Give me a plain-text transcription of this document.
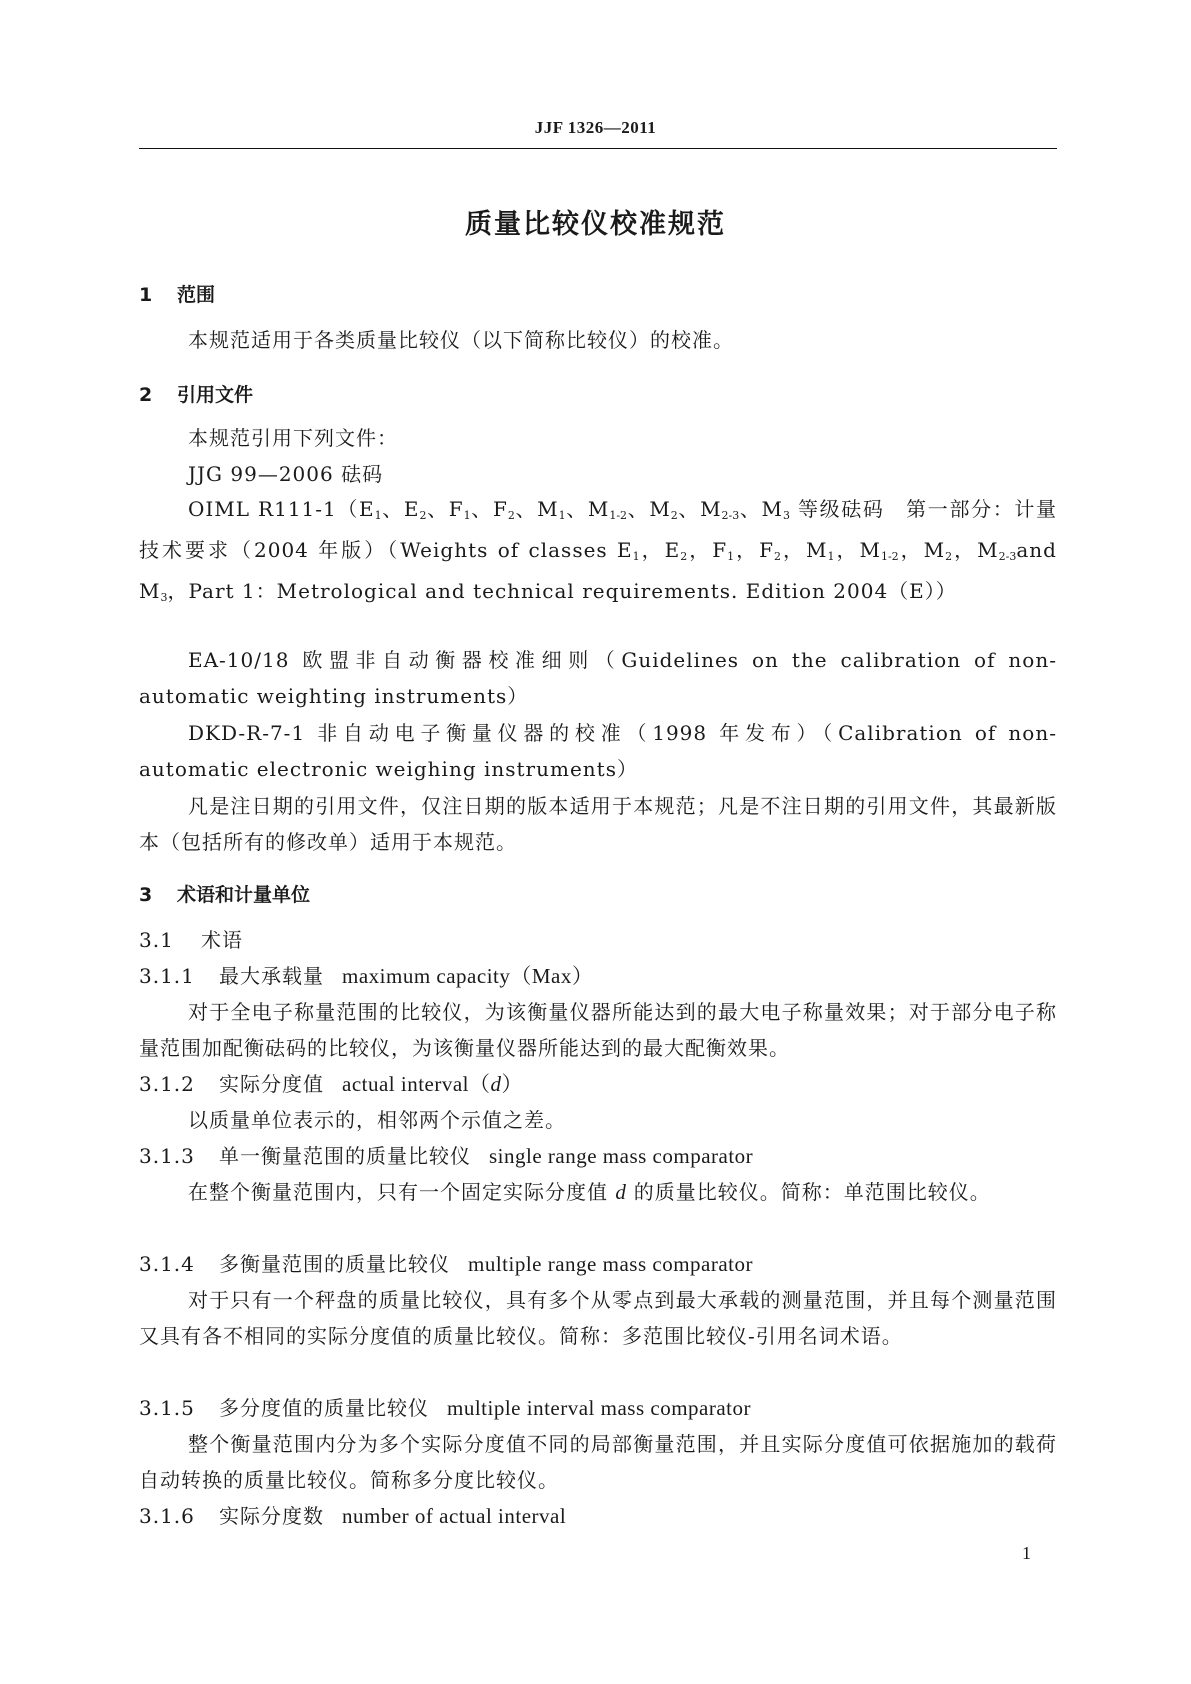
JJF 1326—2011
质量比较仪校准规范
1 范围
本规范适用于各类质量比较仪（以下简称比较仪）的校准。
2 引用文件
本规范引用下列文件：
JJG 99—2006 砝码
OIML $R111-1(E_1$、$E_2$、$F_1$、$F_2$、$M_1$、$M_{1-2}$、$M_2$、$M_{2-3}$、$M_3$ 等级砝码　第一部分：计量技术要求（2004 年版）（Weights of classes $E_1$，$E_2$，$F_1$，$F_2$，$M_1$，$M_{1-2}$，$M_2$，$M_{2-3}and$ $M_3$，Part 1：Metrological and technical requirements. Edition 2004（E））
EA-10/18 欧盟非自动衡器校准细则（Guidelines on the calibration of non-automatic weighting instruments）
DKD-R-7-1 非自动电子衡量仪器的校准（1998 年发布）（Calibration of non-automatic electronic weighing instruments）
凡是注日期的引用文件，仅注日期的版本适用于本规范；凡是不注日期的引用文件，其最新版本（包括所有的修改单）适用于本规范。
3 术语和计量单位
3.1 术语
3.1.1 最大承载量 maximum capacity（Max）
对于全电子称量范围的比较仪，为该衡量仪器所能达到的最大电子称量效果；对于部分电子称量范围加配衡砝码的比较仪，为该衡量仪器所能达到的最大配衡效果。
3.1.2 实际分度值 actual interval（d）
以质量单位表示的，相邻两个示值之差。
3.1.3 单一衡量范围的质量比较仪 single range mass comparator
在整个衡量范围内，只有一个固定实际分度值 d 的质量比较仪。简称：单范围比较仪。
3.1.4 多衡量范围的质量比较仪 multiple range mass comparator
对于只有一个秤盘的质量比较仪，具有多个从零点到最大承载的测量范围，并且每个测量范围又具有各不相同的实际分度值的质量比较仪。简称：多范围比较仪-引用名词术语。
3.1.5 多分度值的质量比较仪 multiple interval mass comparator
整个衡量范围内分为多个实际分度值不同的局部衡量范围，并且实际分度值可依据施加的载荷自动转换的质量比较仪。简称多分度比较仪。
3.1.6 实际分度数 number of actual interval
1
